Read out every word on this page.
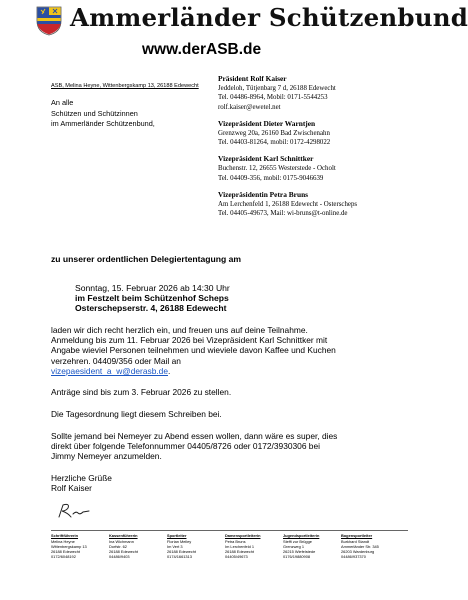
Ammerländer Schützenbund
www.derASB.de
ASB, Melina Heyne, Wittenbergskamp 13, 26188 Edewecht
An alle
Schützen und Schützinnen
im Ammerländer Schützenbund,
Präsident Rolf Kaiser
Jeddeloh, Tütjenbarg 7 d, 26188 Edewecht
Tel. 04486-8964, Mobil: 0171-5544253
rolf.kaiser@ewetel.net
Vizepräsident Dieter Warntjen
Grenzweg 20a, 26160 Bad Zwischenahn
Tel. 04403-81264, mobil: 0172-4298022
Vizepräsident Karl Schnittker
Buchenstr. 12, 26655 Westerstede - Ocholt
Tel. 04409-356, mobil: 0175-9046639
Vizepräsidentin Petra Bruns
Am Lerchenfeld 1, 26188 Edewecht - Osterscheps
Tel. 04405-49673, Mail: wi-bruns@t-online.de
zu unserer ordentlichen Delegiertentagung am
Sonntag, 15. Februar 2026 ab 14:30 Uhr
im Festzelt beim Schützenhof Scheps
Osterschepserstr. 4, 26188 Edewecht
laden wir dich recht herzlich ein, und freuen uns auf deine Teilnahme.
Anmeldung bis zum 11. Februar 2026 bei Vizepräsident Karl Schnittker mit
Angabe wieviel Personen teilnehmen und wieviele davon Kaffee und Kuchen
verzehren. 04409/356 oder Mail an
vizepaesident_a_w@derasb.de.
Anträge sind bis zum 3. Februar 2026 zu stellen.
Die Tagesordnung liegt diesem Schreiben bei.
Sollte jemand bei Nemeyer zu Abend essen wollen, dann wäre es super, dies
direkt über folgende Telefonnummer 04405/8726 oder 0172/3930306 bei
Jimmy Nemeyer anzumelden.
Herzliche Grüße
Rolf Kaiser
Schriftführerin
Melina Heyne
Wittenbergskamp 13
26188 Edewecht
0172/6048192
Kassenführerin
Ina Wichmann
Dorfstr. 62
26188 Edewecht
04486/9403
Sportleiter
Florian Meiley
Im Vert 3
26188 Edewecht
0174/1661313
Damensportleiterin
Petra Bruns
Im Lerchenfeld 1
26188 Edewecht
04405/49673
Jugendsportleiterin
Steffi zur Brügge
Grenzweg 1
26215 Wiefelstede
0176/19880908
Bogensportleiter
Burkhard Standt
Ammerländer Str. 345
26203 Wardenburg
04486/937370
